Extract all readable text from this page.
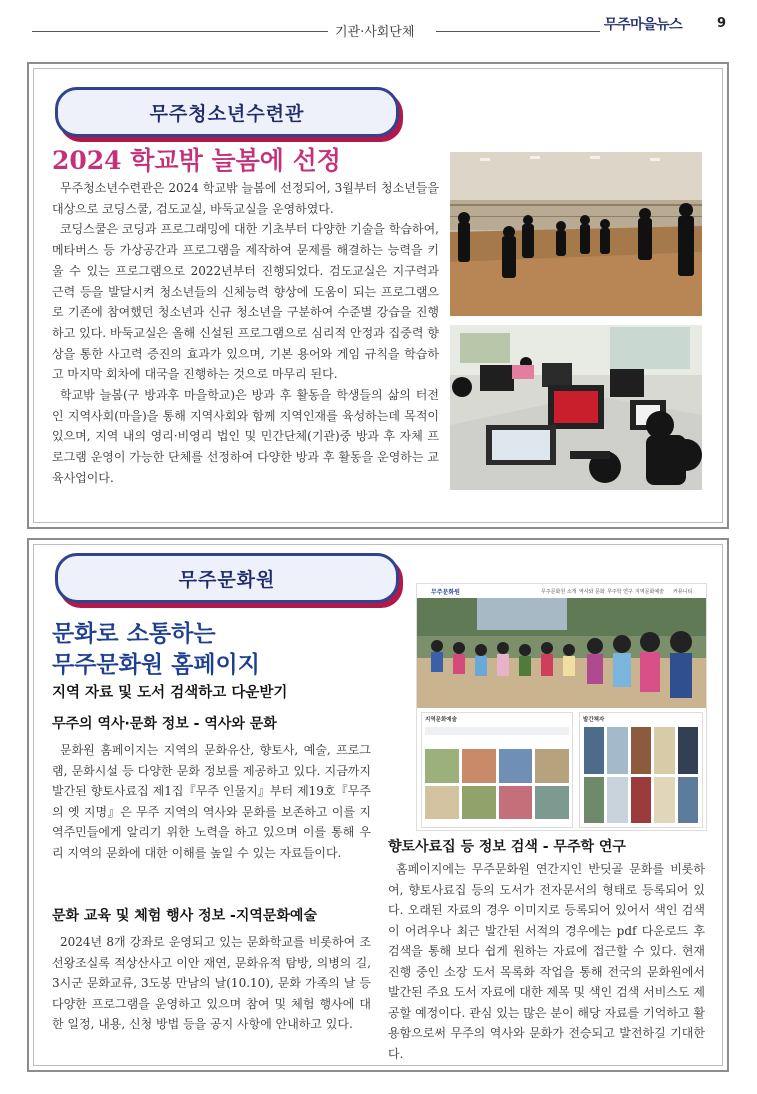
기관·사회단체	무주마을뉴스	9
무주청소년수련관
2024 학교밖 늘봄에 선정

무주청소년수련관은 2024 학교밖 늘봄에 선정되어, 3월부터 청소년들을 대상으로 코딩스쿨, 검도교실, 바둑교실을 운영하였다.

코딩스쿨은 코딩과 프로그래밍에 대한 기초부터 다양한 기술을 학습하여, 메타버스 등 가상공간과 프로그램을 제작하여 문제를 해결하는 능력을 키울 수 있는 프로그램으로 2022년부터 진행되었다. 검도교실은 지구력과 근력 등을 발달시켜 청소년들의 신체능력 향상에 도움이 되는 프로그램으로 기존에 참여했던 청소년과 신규 청소년을 구분하여 수준별 강습을 진행하고 있다. 바둑교실은 올해 신설된 프로그램으로 심리적 안정과 집중력 향상을 통한 사고력 증진의 효과가 있으며, 기본 용어와 게임 규칙을 학습하고 마지막 회차에 대국을 진행하는 것으로 마무리 된다.

학교밖 늘봄(구 방과후 마을학교)은 방과 후 활동을 학생들의 삶의 터전인 지역사회(마을)을 통해 지역사회와 함께 지역인재를 육성하는데 목적이 있으며, 지역 내의 영리·비영리 법인 및 민간단체(기관)중 방과 후 자체 프로그램 운영이 가능한 단체를 선정하여 다양한 방과 후 활동을 운영하는 교육사업이다.

무주문화원
문화로 소통하는
무주문화원 홈페이지
지역 자료 및 도서 검색하고 다운받기
무주의 역사·문화 정보 - 역사와 문화

문화원 홈페이지는 지역의 문화유산, 향토사, 예술, 프로그램, 문화시설 등 다양한 문화 정보를 제공하고 있다. 지금까지 발간된 향토사료집 제1집『무주 인물지』부터 제19호『무주의 옛 지명』은 무주 지역의 역사와 문화를 보존하고 이를 지역주민들에게 알리기 위한 노력을 하고 있으며 이를 통해 우리 지역의 문화에 대한 이해를 높일 수 있는 자료들이다.

문화 교육 및 체험 행사 정보 -지역문화예술

2024년 8개 강좌로 운영되고 있는 문화학교를 비롯하여 조선왕조실록 적상산사고 이안 재연, 문화유적 탐방, 의병의 길, 3시군 문화교류, 3도봉 만남의 날(10.10), 문화 가족의 날 등 다양한 프로그램을 운영하고 있으며 참여 및 체험 행사에 대한 일정, 내용, 신청 방법 등을 공지 사항에 안내하고 있다.

무주문화원	무주문화원 소개 역사와 문화 무주학 연구 지역문화예술 커뮤니티
지역문화예술	발간책자
향토사료집 등 정보 검색 - 무주학 연구

홈페이지에는 무주문화원 연간지인 반딧골 문화를 비롯하여, 향토사료집 등의 도서가 전자문서의 형태로 등록되어 있다. 오래된 자료의 경우 이미지로 등록되어 있어서 색인 검색이 어려우나 최근 발간된 서적의 경우에는 pdf 다운로드 후 검색을 통해 보다 쉽게 원하는 자료에 접근할 수 있다. 현재 진행 중인 소장 도서 목록화 작업을 통해 전국의 문화원에서 발간된 주요 도서 자료에 대한 제목 및 색인 검색 서비스도 제공할 예정이다. 관심 있는 많은 분이 해당 자료를 기억하고 활용함으로써 무주의 역사와 문화가 전승되고 발전하길 기대한다.
